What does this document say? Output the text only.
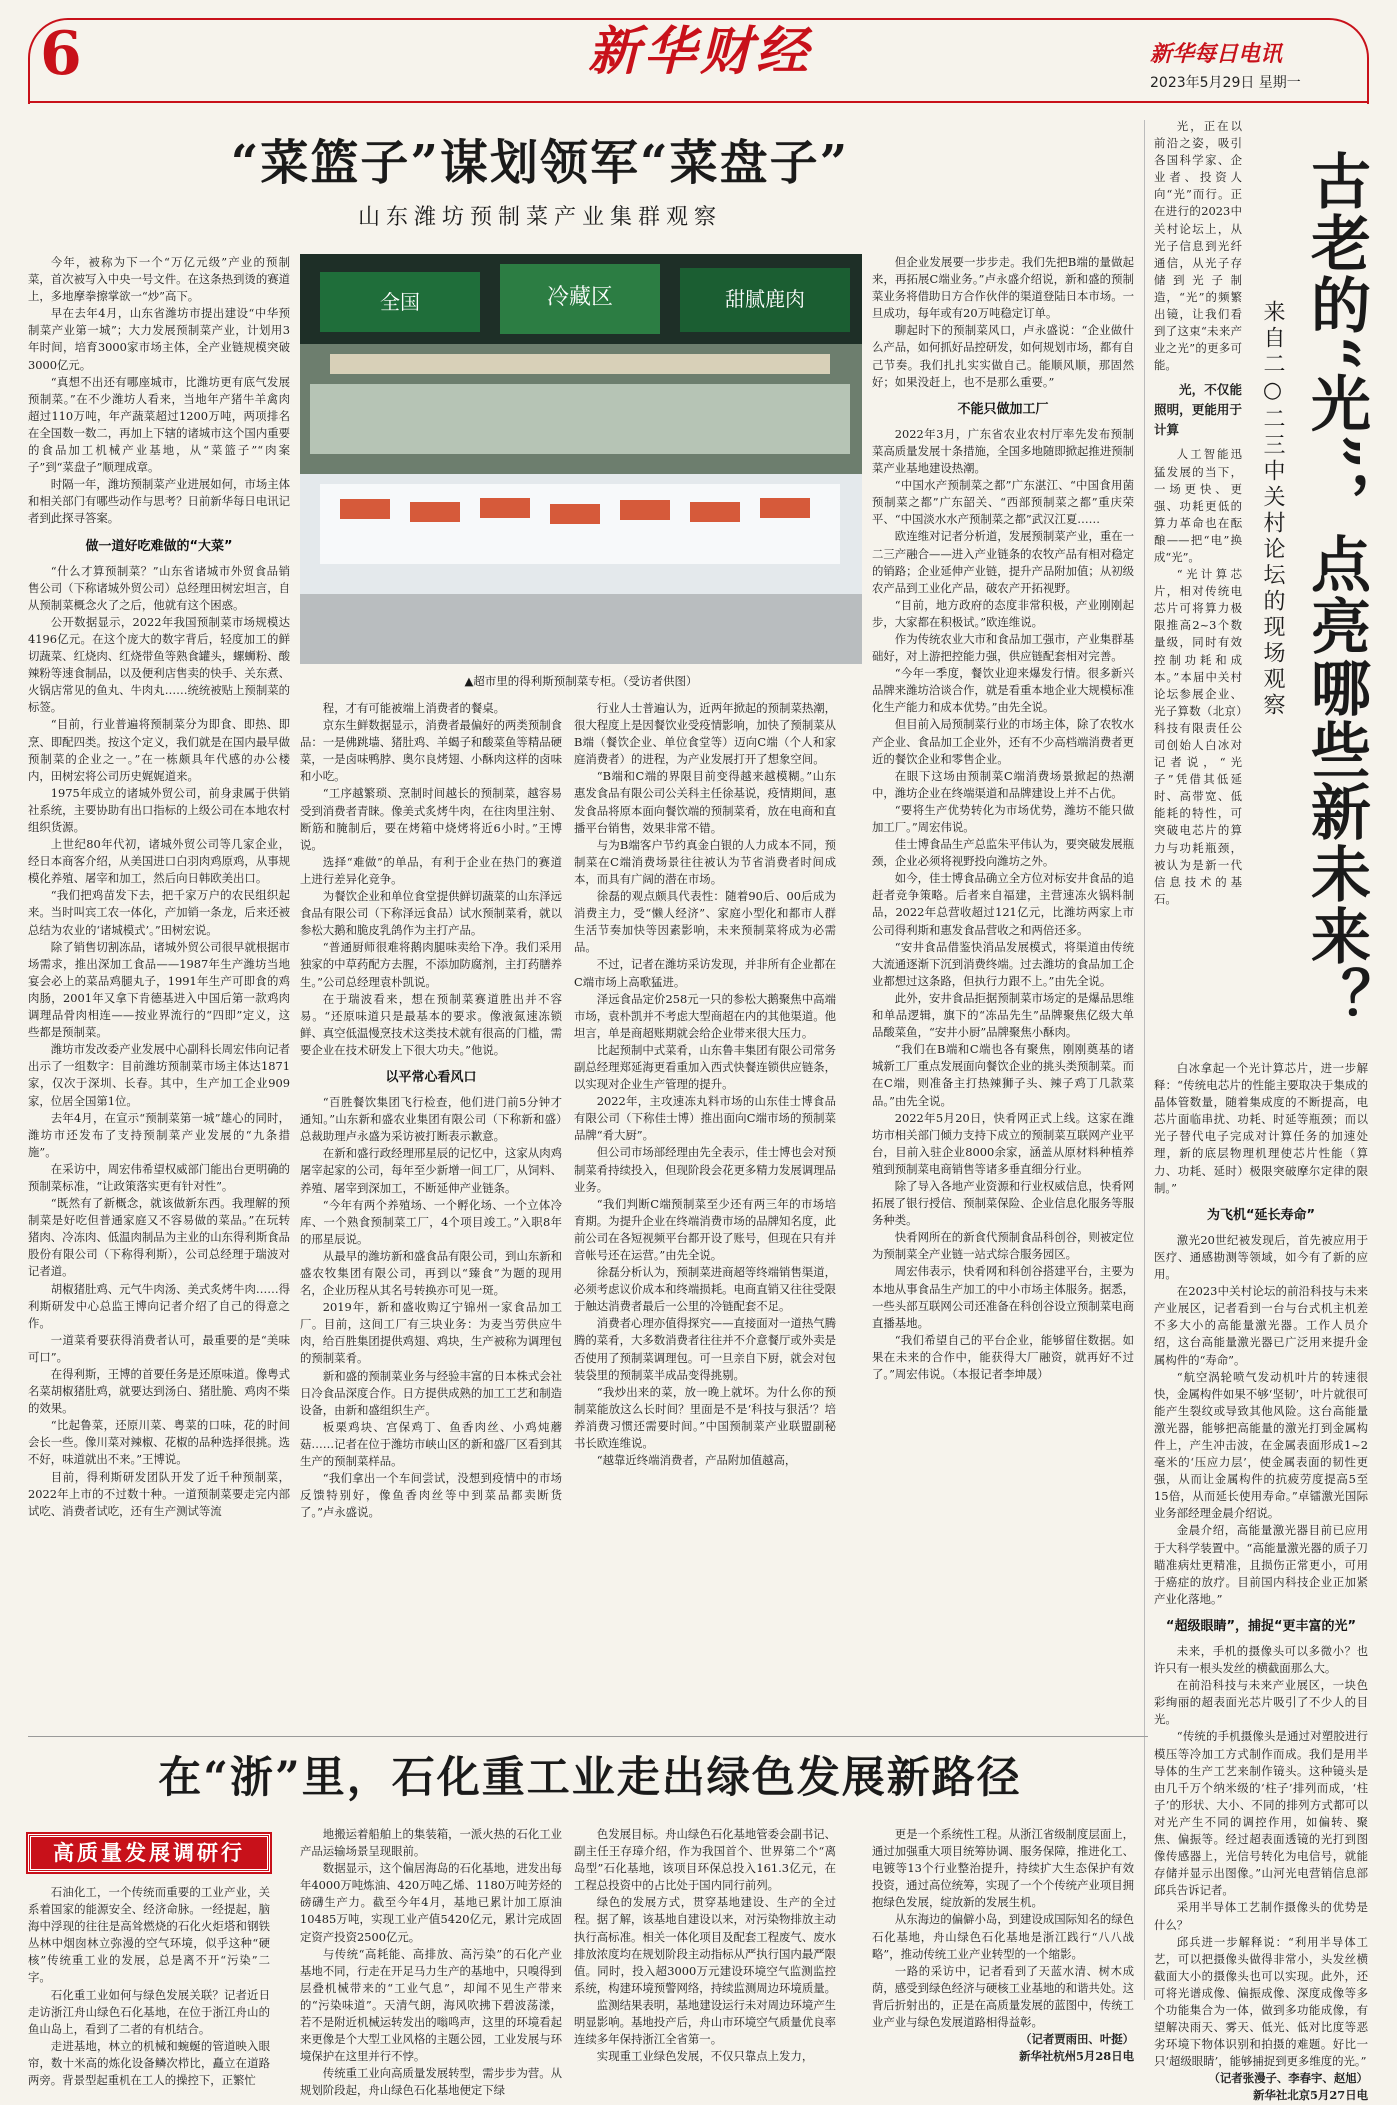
6	新华财经	新华每日电讯
2023年5月29日 星期一
“菜篮子”谋划领军“菜盘子”
山东潍坊预制菜产业集群观察
全国	冷藏区	甜腻鹿肉
▲超市里的得利斯预制菜专柜。（受访者供图）

今年，被称为下一个“万亿元级”产业的预制菜，首次被写入中央一号文件。在这条热到烫的赛道上，多地摩拳擦掌欲一“炒”高下。

早在去年4月，山东省潍坊市提出建设“中华预制菜产业第一城”；大力发展预制菜产业，计划用3年时间，培育3000家市场主体，全产业链规模突破3000亿元。

“真想不出还有哪座城市，比潍坊更有底气发展预制菜。”在不少潍坊人看来，当地年产猪牛羊禽肉超过110万吨，年产蔬菜超过1200万吨，两项排名在全国数一数二，再加上下辖的诸城市这个国内重要的食品加工机械产业基地，从“菜篮子”“肉案子”到“菜盘子”顺理成章。

时隔一年，潍坊预制菜产业进展如何，市场主体和相关部门有哪些动作与思考？日前新华每日电讯记者到此探寻答案。

做一道好吃难做的“大菜”

“什么才算预制菜？”山东省诸城市外贸食品销售公司（下称诸城外贸公司）总经理田树宏坦言，自从预制菜概念火了之后，他就有这个困惑。

公开数据显示，2022年我国预制菜市场规模达4196亿元。在这个庞大的数字背后，轻度加工的鲜切蔬菜、红烧肉、红烧带鱼等熟食罐头，螺蛳粉、酸辣粉等速食制品，以及便利店售卖的快手、关东煮、火锅店常见的鱼丸、牛肉丸……统统被贴上预制菜的标签。

“目前，行业普遍将预制菜分为即食、即热、即烹、即配四类。按这个定义，我们就是在国内最早做预制菜的企业之一。”在一栋颇具年代感的办公楼内，田树宏将公司历史娓娓道来。

1975年成立的诸城外贸公司，前身隶属于供销社系统，主要协助有出口指标的上级公司在本地农村组织货源。

上世纪80年代初，诸城外贸公司等几家企业，经日本商客介绍，从美国进口白羽肉鸡原鸡，从事规模化养殖、屠宰和加工，然后向日韩欧美出口。

“我们把鸡苗发下去，把千家万户的农民组织起来。当时叫宾工农一体化，产加销一条龙，后来还被总结为农业的‘诸城模式’。”田树宏说。

除了销售切割冻品，诸城外贸公司很早就根据市场需求，推出深加工食品——1987年生产潍坊当地宴会必上的菜品鸡腿丸子，1991年生产可即食的鸡肉肠，2001年又拿下肯德基进入中国后第一款鸡肉调理品骨肉相连——按业界流行的“四即”定义，这些都是预制菜。

潍坊市发改委产业发展中心副科长周宏伟向记者出示了一组数字：目前潍坊预制菜市场主体达1871家，仅次于深圳、长春。其中，生产加工企业909家，位居全国第1位。

去年4月，在宣示“预制菜第一城”雄心的同时，潍坊市还发布了支持预制菜产业发展的“九条措施”。

在采访中，周宏伟希望权威部门能出台更明确的预制菜标准，“让政策落实更有针对性”。

“既然有了新概念，就该做新东西。我理解的预制菜是好吃但普通家庭又不容易做的菜品。”在玩转猪肉、冷冻肉、低温肉制品为主业的山东得利斯食品股份有限公司（下称得利斯），公司总经理于瑞波对记者道。

胡椒猪肚鸡、元气牛肉汤、美式炙烤牛肉……得利斯研发中心总监王博向记者介绍了自己的得意之作。

一道菜肴要获得消费者认可，最重要的是“美味可口”。

在得利斯，王博的首要任务是还原味道。像粤式名菜胡椒猪肚鸡，就要达到汤白、猪肚脆、鸡肉不柴的效果。

“比起鲁菜，还原川菜、粤菜的口味，花的时间会长一些。像川菜对辣椒、花椒的品种选择很挑。选不好，味道就出不来。”王博说。

目前，得利斯研发团队开发了近千种预制菜，2022年上市的不过数十种。一道预制菜要走完内部试吃、消费者试吃，还有生产测试等流

程，才有可能被端上消费者的餐桌。

京东生鲜数据显示，消费者最偏好的两类预制食品：一是佛跳墙、猪肚鸡、羊蝎子和酸菜鱼等精品硬菜，一是卤味鸭脖、奥尔良烤翅、小酥肉这样的卤味和小吃。

“工序越繁琐、烹制时间越长的预制菜，越容易受到消费者青睐。像美式炙烤牛肉，在往肉里注射、断筋和腌制后，要在烤箱中烧烤将近6小时。”王博说。

选择“难做”的单品，有利于企业在热门的赛道上进行差异化竞争。

为餐饮企业和单位食堂提供鲜切蔬菜的山东泽远食品有限公司（下称泽远食品）试水预制菜肴，就以参松大鹅和脆皮乳鸽作为主打产品。

“普通厨师很难将鹅肉腿味卖给下净。我们采用独家的中草药配方去腥，不添加防腐剂，主打药膳养生。”公司总经理袁朴凯说。

在于瑞波看来，想在预制菜赛道胜出并不容易。“还原味道只是最基本的要求。像液氮速冻锁鲜、真空低温慢烹技术这类技术就有很高的门槛，需要企业在技术研发上下很大功夫。”他说。

以平常心看风口

“百胜餐饮集团飞行检查，他们进门前5分钟才通知。”山东新和盛农业集团有限公司（下称新和盛）总裁助理卢永盛为采访被打断表示歉意。

在新和盛行政经理邢星辰的记忆中，这家从肉鸡屠宰起家的公司，每年至少新增一间工厂，从饲料、养殖、屠宰到深加工，不断延伸产业链条。

“今年有两个养殖场、一个孵化场、一个立体冷库、一个熟食预制菜工厂，4个项目竣工。”入职8年的邢星辰说。

从最早的潍坊新和盛食品有限公司，到山东新和盛农牧集团有限公司，再到以“臻食”为题的现用名，企业历程从其名号转换亦可见一斑。

2019年，新和盛收购辽宁锦州一家食品加工厂。目前，这间工厂有三块业务：为麦当劳供应牛肉，给百胜集团提供鸡翅、鸡块，生产被称为调理包的预制菜肴。

新和盛的预制菜业务与经验丰富的日本株式会社日冷食品深度合作。日方提供成熟的加工工艺和制造设备，由新和盛组织生产。

板栗鸡块、宫保鸡丁、鱼香肉丝、小鸡炖蘑菇……记者在位于潍坊市峡山区的新和盛厂区看到其生产的预制菜样品。

“我们拿出一个车间尝试，没想到疫情中的市场反馈特别好，像鱼香肉丝等中到菜品都卖断货了。”卢永盛说。

行业人士普遍认为，近两年掀起的预制菜热潮，很大程度上是因餐饮业受疫情影响，加快了预制菜从B端（餐饮企业、单位食堂等）迈向C端（个人和家庭消费者）的进程，为产业发展打开了想象空间。

“B端和C端的界限目前变得越来越模糊。”山东惠发食品有限公司公关科主任徐基说，疫情期间，惠发食品将原本面向餐饮端的预制菜肴，放在电商和直播平台销售，效果非常不错。

与为B端客户节约真金白银的人力成本不同，预制菜在C端消费场景往往被认为节省消费者时间成本，而具有广阔的潜在市场。

徐磊的观点颇具代表性：随着90后、00后成为消费主力，受“懒人经济”、家庭小型化和都市人群生活节奏加快等因素影响，未来预制菜将成为必需品。

不过，记者在潍坊采访发现，并非所有企业都在C端市场上高歌猛进。

泽远食品定价258元一只的参松大鹅聚焦中高端市场，袁朴凯并不考虑大型商超在内的其他渠道。他坦言，单是商超账期就会给企业带来很大压力。

比起预制中式菜肴，山东鲁丰集团有限公司常务副总经理郑延海更看重加入西式快餐连锁供应链条，以实现对企业生产管理的提升。

2022年，主攻速冻丸料市场的山东佳士博食品有限公司（下称佳士博）推出面向C端市场的预制菜品牌“肴大厨”。

但公司市场部经理由先全表示，佳士博也会对预制菜肴持续投入，但现阶段会花更多精力发展调理品业务。

“我们判断C端预制菜至少还有两三年的市场培育期。为提升企业在终端消费市场的品牌知名度，此前公司在各短视频平台都开设了账号，但现在只有并音帐号还在运营。”由先全说。

徐磊分析认为，预制菜进商超等终端销售渠道，必须考虑议价成本和终端损耗。电商直销又往往受限于触达消费者最后一公里的冷链配套不足。

消费者心理亦值得探究——直接面对一道热气腾腾的菜肴，大多数消费者往往并不介意餐厅或外卖是否使用了预制菜调理包。可一旦亲自下厨，就会对包装袋里的预制菜半成品变得挑剔。

“我炒出来的菜，放一晚上就坏。为什么你的预制菜能放这么长时间？里面是不是‘科技与狠活’？培养消费习惯还需要时间。”中国预制菜产业联盟副秘书长欧连维说。

“越靠近终端消费者，产品附加值越高，

但企业发展要一步步走。我们先把B端的量做起来，再拓展C端业务。”卢永盛介绍说，新和盛的预制菜业务将借助日方合作伙伴的渠道登陆日本市场。一旦成功，每年或有20万吨稳定订单。

聊起时下的预制菜风口，卢永盛说：“企业做什么产品，如何抓好品控研发，如何规划市场，都有自己节奏。我们扎扎实实做自己。能顺风顺，那固然好；如果没赶上，也不是那么重要。”

不能只做加工厂

2022年3月，广东省农业农村厅率先发布预制菜高质量发展十条措施，全国多地随即掀起推进预制菜产业基地建设热潮。

“中国水产预制菜之都”广东湛江、“中国食用菌预制菜之都”广东韶关、“西部预制菜之都”重庆荣平、“中国淡水水产预制菜之都”武汉江夏……

欧连维对记者分析道，发展预制菜产业，重在一二三产融合——进入产业链条的农牧产品有相对稳定的销路；企业延伸产业链，提升产品附加值；从初级农产品到工业化产品，破农产开拓视野。

“目前，地方政府的态度非常积极，产业刚刚起步，大家都在积极试。”欧连维说。

作为传统农业大市和食品加工强市，产业集群基础好，对上游把控能力强，供应链配套相对完善。

“今年一季度，餐饮业迎来爆发行情。很多新兴品牌来潍坊洽谈合作，就是看重本地企业大规模标准化生产能力和成本优势。”由先全说。

但目前入局预制菜行业的市场主体，除了农牧水产企业、食品加工企业外，还有不少高档端消费者更近的餐饮企业和零售企业。

在眼下这场由预制菜C端消费场景掀起的热潮中，潍坊企业在终端渠道和品牌建设上并不占优。

“要将生产优势转化为市场优势，潍坊不能只做加工厂。”周宏伟说。

佳士博食品生产总监朱平伟认为，要突破发展瓶颈，企业必须将视野投向潍坊之外。

如今，佳士博食品确立全方位对标安井食品的追赶者竞争策略。后者来自福建，主营速冻火锅料制品，2022年总营收超过121亿元，比潍坊两家上市公司得利斯和惠发食品营收之和两倍还多。

“安井食品借鉴快消品发展模式，将渠道由传统大流通逐渐下沉到消费终端。过去潍坊的食品加工企业都想过这条路，但执行力跟不上。”由先全说。

此外，安井食品拒据预制菜市场定的是爆品思维和单品逻辑，旗下的“冻品先生”品牌聚焦亿级大单品酸菜鱼，“安井小厨”品牌聚焦小酥肉。

“我们在B端和C端也各有聚焦，刚刚奠基的诸城新工厂重点发展面向餐饮企业的挑头类预制菜。而在C端，则准备主打热辣狮子头、辣子鸡丁几款菜品。”由先全说。

2022年5月20日，快肴网正式上线。这家在潍坊市相关部门倾力支持下成立的预制菜互联网产业平台，目前入驻企业8000余家，涵盖从原材料种植养殖到预制菜电商销售等诸多垂直细分行业。

除了导入各地产业资源和行业权威信息，快肴网拓展了银行授信、预制菜保险、企业信息化服务等服务种类。

快肴网所在的新食代预制食品科创谷，则被定位为预制菜全产业链一站式综合服务园区。

周宏伟表示，快肴网和科创谷搭建平台，主要为本地从事食品生产加工的中小市场主体服务。据悉，一些头部互联网公司还准备在科创谷设立预制菜电商直播基地。

“我们希望自己的平台企业，能够留住数据。如果在未来的合作中，能获得大厂融资，就再好不过了。”周宏伟说。（本报记者李坤晟）

古老的“光”，点亮哪些新未来？
来自二○二三中关村论坛的现场观察

光，正在以前沿之姿，吸引各国科学家、企业者、投资人向“光”而行。正在进行的2023中关村论坛上，从光子信息到光纤通信，从光子存储到光子制造，“光”的频繁出镜，让我们看到了这束“未来产业之光”的更多可能。

光，不仅能照明，更能用于计算

人工智能迅猛发展的当下，一场更快、更强、功耗更低的算力革命也在酝酿——把“电”换成“光”。

“光计算芯片，相对传统电芯片可将算力极限推高2~3个数量级，同时有效控制功耗和成本。”本届中关村论坛参展企业、光子算数（北京）科技有限责任公司创始人白冰对记者说，“光子”凭借其低延时、高带宽、低能耗的特性，可突破电芯片的算力与功耗瓶颈，被认为是新一代信息技术的基石。

白冰拿起一个光计算芯片，进一步解释：“传统电芯片的性能主要取决于集成的晶体管数量，随着集成度的不断提高，电芯片面临串扰、功耗、时延等瓶颈；而以光子替代电子完成对计算任务的加速处理，新的底层物理机理使芯片性能（算力、功耗、延时）极限突破摩尔定律的限制。”

为飞机“延长寿命”

激光20世纪被发现后，首先被应用于医疗、通感勘测等领域，如今有了新的应用。

在2023中关村论坛的前沿科技与未来产业展区，记者看到一台与台式机主机差不多大小的高能量激光器。工作人员介绍，这台高能量激光器已广泛用来提升金属构件的“寿命”。

“航空涡轮喷气发动机叶片的转速很快，金属构件如果不够‘坚韧’，叶片就很可能产生裂纹或导致其他风险。这台高能量激光器，能够把高能量的激光打到金属构件上，产生冲击波，在金属表面形成1~2毫米的‘压应力层’，使金属表面的韧性更强，从而让金属构件的抗疲劳度提高5至15倍，从而延长使用寿命。”卓镭激光国际业务部经理金晨介绍说。

金晨介绍，高能量激光器目前已应用于大科学装置中。“高能量激光器的质子刀瞄准病灶更精准，且损伤正常更小，可用于癌症的放疗。目前国内科技企业正加紧产业化落地。”

“超级眼睛”，捕捉“更丰富的光”

未来，手机的摄像头可以多微小？也许只有一根头发丝的横截面那么大。

在前沿科技与未来产业展区，一块色彩绚丽的超表面光芯片吸引了不少人的目光。

“传统的手机摄像头是通过对塑胶进行模压等冷加工方式制作而成。我们是用半导体的生产工艺来制作镜头。这种镜头是由几千万个纳米级的‘柱子’排列而成，‘柱子’的形状、大小、不同的排列方式都可以对光产生不同的调控作用，如偏转、聚焦、偏振等。经过超表面透镜的光打到图像传感器上，光信号转化为电信号，就能存储并显示出图像。”山河光电营销信息部邱兵告诉记者。

采用半导体工艺制作摄像头的优势是什么？

邱兵进一步解释说：“利用半导体工艺，可以把摄像头做得非常小，头发丝横截面大小的摄像头也可以实现。此外，还可将光谱成像、偏振成像、深度成像等多个功能集合为一体，做到多功能成像，有望解决雨天、雾天、低光、低对比度等恶劣环境下物体识别和拍摄的难题。好比一只‘超级眼睛’，能够捕捉到更多维度的光。”

（记者张漫子、李春宇、赵旭）

新华社北京5月27日电

在“浙”里，石化重工业走出绿色发展新路径
高质量发展调研行

石油化工，一个传统而重要的工业产业，关系着国家的能源安全、经济命脉。一经提起，脑海中浮现的往往是高耸燃烧的石化火炬塔和钢铁丛林中烟囱林立弥漫的空气环境，似乎这种“硬核”传统重工业的发展，总是离不开“污染”二字。

石化重工业如何与绿色发展关联？记者近日走访浙江舟山绿色石化基地，在位于浙江舟山的鱼山岛上，看到了二者的有机结合。

走进基地，林立的机械和蜿蜒的管道映入眼帘，数十米高的炼化设备鳞次栉比，矗立在道路两旁。背景型起重机在工人的操控下，正繁忙

地搬运着船舶上的集装箱，一派火热的石化工业产品运输场景呈现眼前。

数据显示，这个偏居海岛的石化基地，进发出每年4000万吨炼油、420万吨乙烯、1180万吨芳烃的磅礴生产力。截至今年4月，基地已累计加工原油10485万吨，实现工业产值5420亿元，累计完成固定资产投资2500亿元。

与传统“高耗能、高排放、高污染”的石化产业基地不同，行走在开足马力生产的基地中，只嗅得到层叠机械带来的“工业气息”，却闻不见生产带来的“污染味道”。天清气朗，海风吹拂下碧波荡漾，若不是附近机械运转发出的嗡鸣声，这里的环境看起来更像是个大型工业风格的主题公园，工业发展与环境保护在这里并行不悖。

传统重工业向高质量发展转型，需步步为营。从规划阶段起，舟山绿色石化基地便定下绿

色发展目标。舟山绿色石化基地管委会副书记、副主任王存璋介绍，作为我国首个、世界第二个“离岛型”石化基地，该项目环保总投入161.3亿元，在工程总投资中的占比处于国内同行前列。

绿色的发展方式，贯穿基地建设、生产的全过程。据了解，该基地自建设以来，对污染物排放主动执行高标准。相关一体化项目及配套工程废气、废水排放浓度均在规划阶段主动指标从严执行国内最严限值。同时，投入超3000万元建设环境空气监测监控系统，构建环境预警网络，持续监测周边环境质量。

监测结果表明，基地建设运行未对周边环境产生明显影响。基地投产后，舟山市环境空气质量优良率连续多年保持浙江全省第一。

实现重工业绿色发展，不仅只靠点上发力，

更是一个系统性工程。从浙江省级制度层面上，通过加强重大项目统筹协调、服务保障，推进化工、电镀等13个行业整治提升，持续扩大生态保护有效投资，通过高位统筹，实现了一个个传统产业项目拥抱绿色发展，绽放新的发展生机。

从东海边的偏僻小岛，到建设成国际知名的绿色石化基地，舟山绿色石化基地是浙江践行“八八战略”，推动传统工业产业转型的一个缩影。

一路的采访中，记者看到了天蓝水清、树木成荫，感受到绿色经济与硬核工业基地的和谐共处。这背后折射出的，正是在高质量发展的蓝图中，传统工业产业与绿色发展道路相得益彰。

（记者贾雨田、叶挺）

新华社杭州5月28日电
